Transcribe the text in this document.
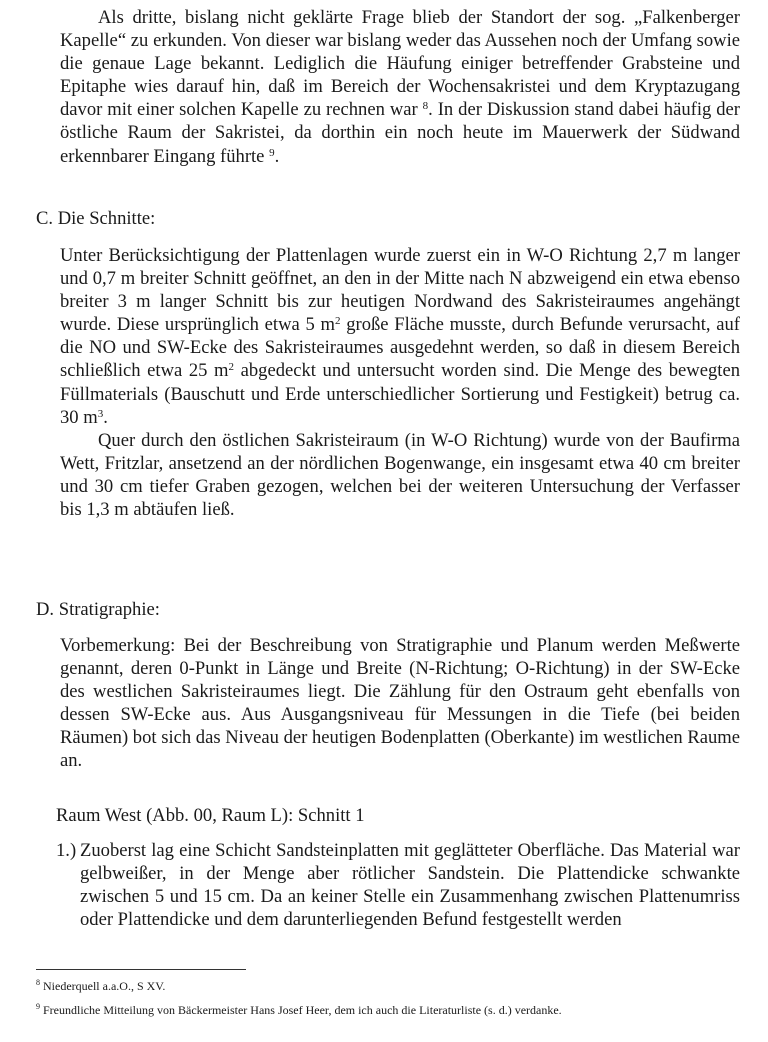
Als dritte, bislang nicht geklärte Frage blieb der Standort der sog. „Falkenberger Kapelle“ zu erkunden. Von dieser war bislang weder das Aussehen noch der Umfang sowie die genaue Lage bekannt. Lediglich die Häufung einiger betreffender Grabsteine und Epitaphe wies darauf hin, daß im Bereich der Wochensakristei und dem Kryptazugang davor mit einer solchen Kapelle zu rechnen war $^8$. In der Diskussion stand dabei häufig der östliche Raum der Sakristei, da dorthin ein noch heute im Mauerwerk der Südwand erkennbarer Eingang führte $^9$.

C. Die Schnitte:

Unter Berücksichtigung der Plattenlagen wurde zuerst ein in W-O Richtung 2,7 m langer und 0,7 m breiter Schnitt geöffnet, an den in der Mitte nach N abzweigend ein etwa ebenso breiter 3 m langer Schnitt bis zur heutigen Nordwand des Sakristeiraumes angehängt wurde. Diese ursprünglich etwa 5 $m^2$ große Fläche musste, durch Befunde verursacht, auf die NO und SW-Ecke des Sakristeiraumes ausgedehnt werden, so daß in diesem Bereich schließlich etwa 25 $m^2$ abgedeckt und untersucht worden sind. Die Menge des bewegten Füllmaterials (Bauschutt und Erde unterschiedlicher Sortierung und Festigkeit) betrug ca. 30 $m^3$.

Quer durch den östlichen Sakristeiraum (in W-O Richtung) wurde von der Baufirma Wett, Fritzlar, ansetzend an der nördlichen Bogenwange, ein insgesamt etwa 40 cm breiter und 30 cm tiefer Graben gezogen, welchen bei der weiteren Untersuchung der Verfasser bis 1,3 m abtäufen ließ.

D. Stratigraphie:

Vorbemerkung: Bei der Beschreibung von Stratigraphie und Planum werden Meßwerte genannt, deren 0-Punkt in Länge und Breite (N-Richtung; O-Richtung) in der SW-Ecke des westlichen Sakristeiraumes liegt. Die Zählung für den Ostraum geht ebenfalls von dessen SW-Ecke aus. Aus Ausgangsniveau für Messungen in die Tiefe (bei beiden Räumen) bot sich das Niveau der heutigen Bodenplatten (Oberkante) im westlichen Raume an.

Raum West (Abb. 00, Raum L): Schnitt 1

1.) Zuoberst lag eine Schicht Sandsteinplatten mit geglätteter Oberfläche. Das Material war gelbweißer, in der Menge aber rötlicher Sandstein. Die Plattendicke schwankte zwischen 5 und 15 cm. Da an keiner Stelle ein Zusammenhang zwischen Plattenumriss oder Plattendicke und dem darunterliegenden Befund festgestellt werden

$^8$ Niederquell a.a.O., S XV.
$^9$ Freundliche Mitteilung von Bäckermeister Hans Josef Heer, dem ich auch die Literaturliste (s. d.) verdanke.
